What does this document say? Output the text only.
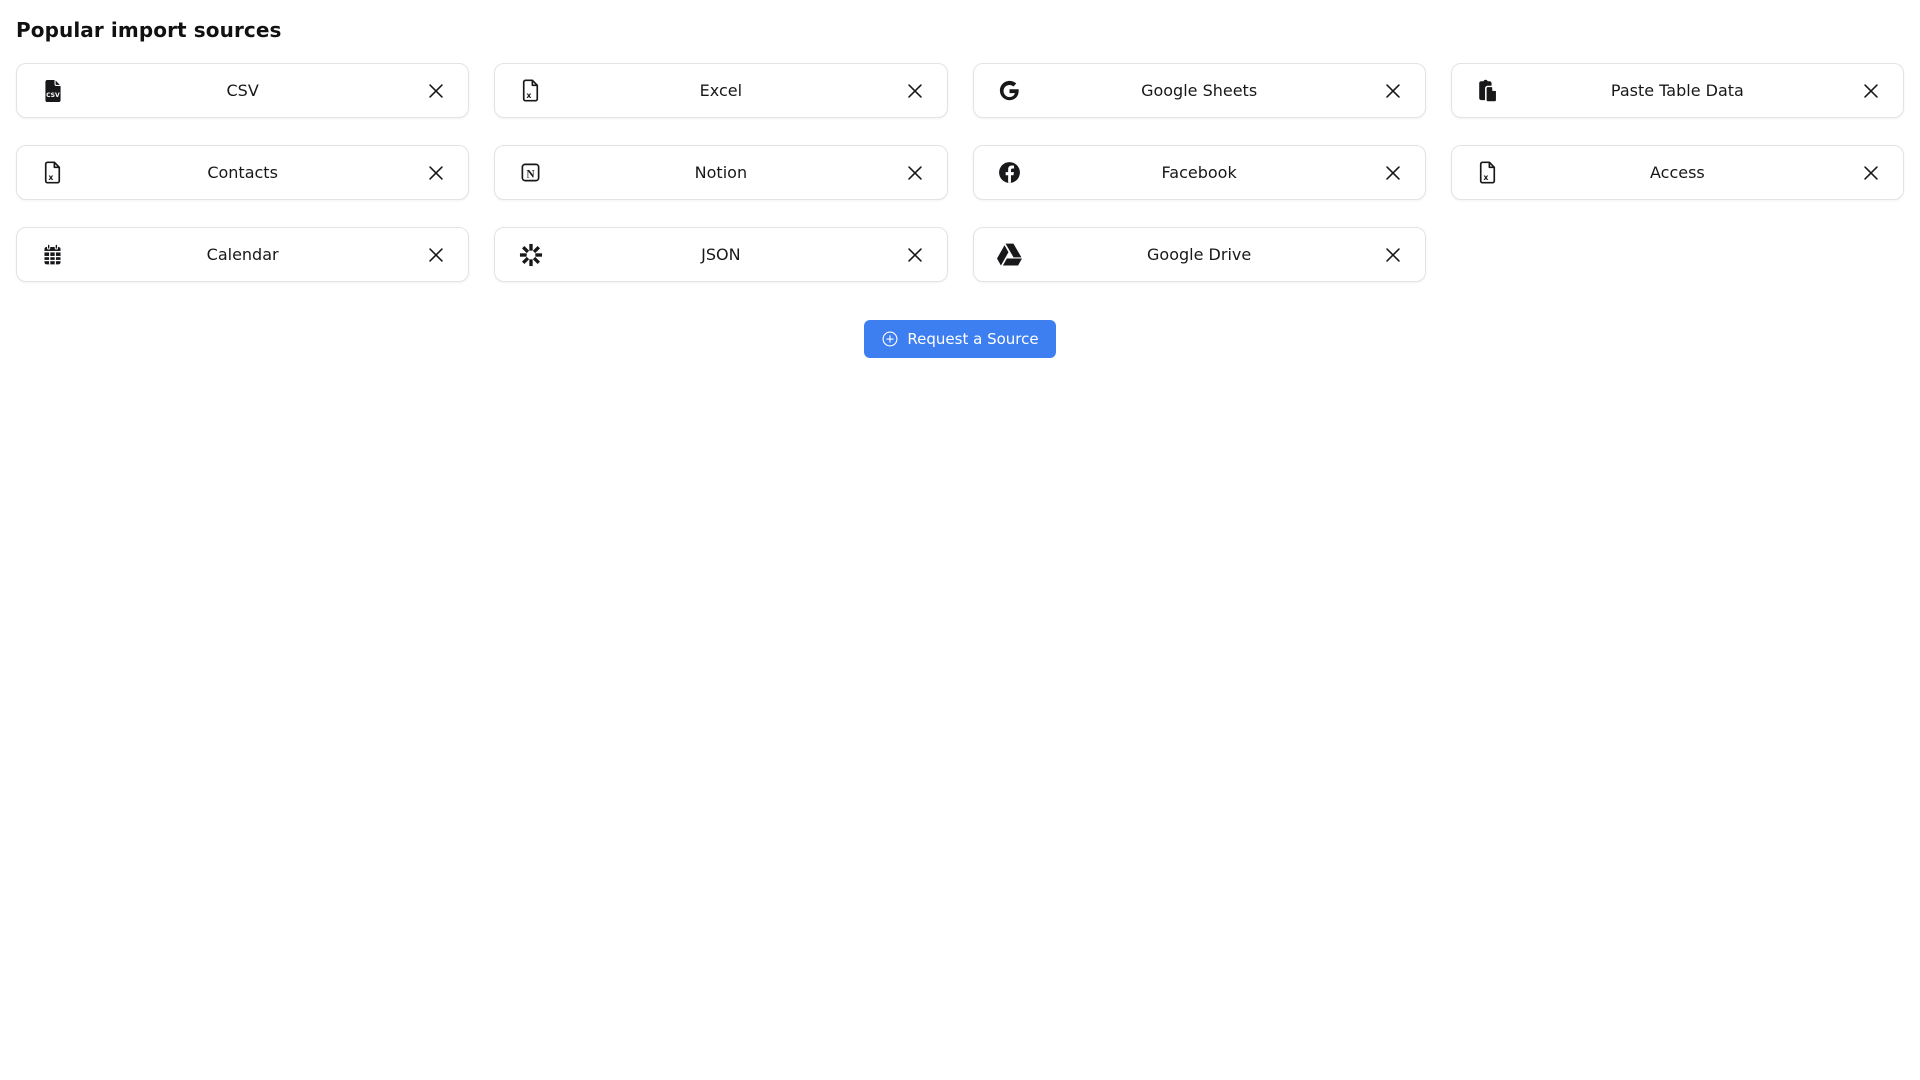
Popular import sources
CSV	CSV	x	Excel	Google Sheets	Paste Table Data
x	Contacts	N	Notion	Facebook	x	Access
Calendar	JSON	Google Drive
Request a Source
